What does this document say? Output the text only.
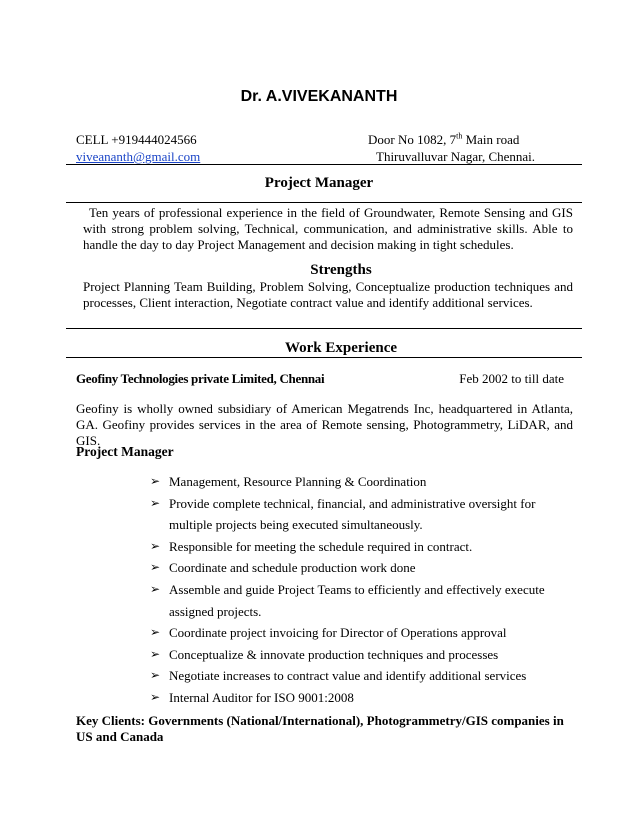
Dr. A.VIVEKANANTH
CELL +919444024566
viveananth@gmail.com
Door No 1082, 7th Main road
Thiruvalluvar Nagar, Chennai.
Project Manager
Ten years of professional experience in the field of Groundwater, Remote Sensing and GIS with strong problem solving, Technical, communication, and administrative skills. Able to handle the day to day Project Management and decision making in tight schedules.
Strengths
Project Planning Team Building, Problem Solving, Conceptualize production techniques and processes, Client interaction, Negotiate contract value and identify additional services.
Work Experience
Geofiny Technologies private Limited, Chennai	Feb 2002 to till date
Geofiny is wholly owned subsidiary of American Megatrends Inc, headquartered in Atlanta, GA. Geofiny provides services in the area of Remote sensing, Photogrammetry, LiDAR, and GIS.
Project Manager
➢ Management, Resource Planning & Coordination
➢ Provide complete technical, financial, and administrative oversight for multiple projects being executed simultaneously.
➢ Responsible for meeting the schedule required in contract.
➢ Coordinate and schedule production work done
➢ Assemble and guide Project Teams to efficiently and effectively execute assigned projects.
➢ Coordinate project invoicing for Director of Operations approval
➢ Conceptualize & innovate production techniques and processes
➢ Negotiate increases to contract value and identify additional services
➢ Internal Auditor for ISO 9001:2008
Key Clients: Governments (National/International), Photogrammetry/GIS companies in US and Canada
